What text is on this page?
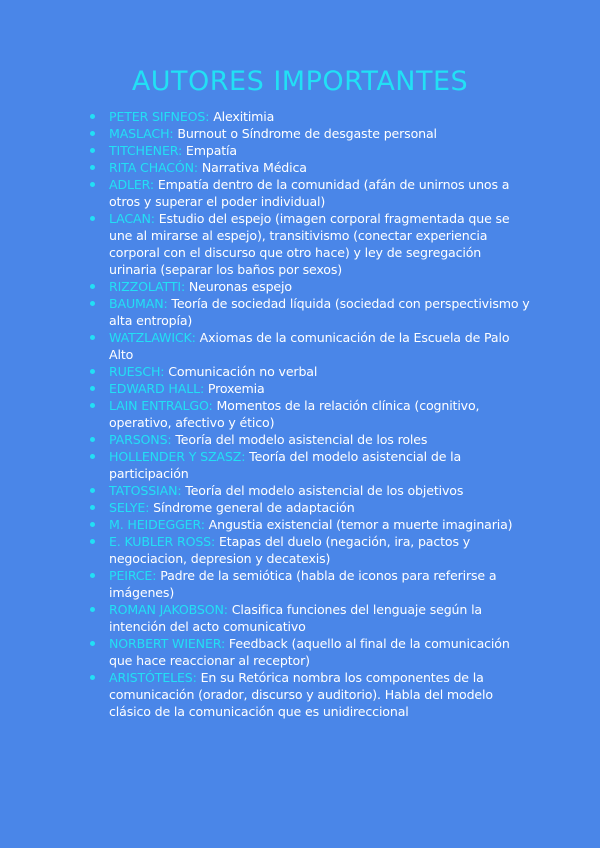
AUTORES IMPORTANTES
PETER SIFNEOS: Alexitimia
MASLACH: Burnout o Síndrome de desgaste personal
TITCHENER: Empatía
RITA CHACÓN: Narrativa Médica
ADLER: Empatía dentro de la comunidad (afán de unirnos unos a otros y superar el poder individual)
LACAN: Estudio del espejo (imagen corporal fragmentada que se une al mirarse al espejo), transitivismo (conectar experiencia corporal con el discurso que otro hace) y ley de segregación urinaria (separar los baños por sexos)
RIZZOLATTI: Neuronas espejo
BAUMAN: Teoría de sociedad líquida (sociedad con perspectivismo y alta entropía)
WATZLAWICK: Axiomas de la comunicación de la Escuela de Palo Alto
RUESCH: Comunicación no verbal
EDWARD HALL: Proxemia
LAIN ENTRALGO: Momentos de la relación clínica (cognitivo, operativo, afectivo y ético)
PARSONS: Teoría del modelo asistencial de los roles
HOLLENDER Y SZASZ: Teoría del modelo asistencial de la participación
TATOSSIAN: Teoría del modelo asistencial de los objetivos
SELYE: Síndrome general de adaptación
M. HEIDEGGER: Angustia existencial (temor a muerte imaginaria)
E. KUBLER ROSS: Etapas del duelo (negación, ira, pactos y negociacion, depresion y decatexis)
PEIRCE: Padre de la semiótica (habla de iconos para referirse a imágenes)
ROMAN JAKOBSON: Clasifica funciones del lenguaje según la intención del acto comunicativo
NORBERT WIENER: Feedback (aquello al final de la comunicación que hace reaccionar al receptor)
ARISTÓTELES: En su Retórica nombra los componentes de la comunicación (orador, discurso y auditorio). Habla del modelo clásico de la comunicación que es unidireccional
